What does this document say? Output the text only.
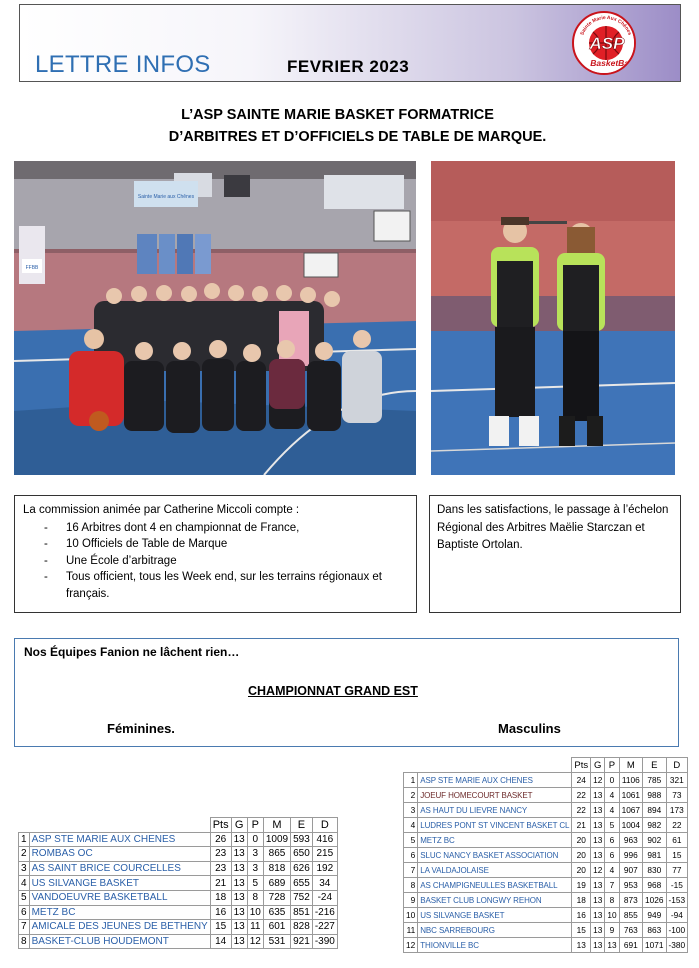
LETTRE INFOS	FEVRIER 2023
ASP
BasketBall
Sainte Marie Aux Chênes
L’ASP SAINTE MARIE BASKET FORMATRICE
D’ARBITRES ET D’OFFICIELS DE TABLE DE MARQUE.
Sainte Marie aux Chênes
FFBB
La commission animée par Catherine Miccoli compte :
- 16 Arbitres dont 4 en championnat de France,
- 10 Officiels de Table de Marque
- Une École d’arbitrage
- Tous officient, tous les Week end, sur les terrains régionaux et français.
Dans les satisfactions, le passage à l’échelon Régional des Arbitres Maëlie Starczan et Baptiste Ortolan.
Nos Équipes Fanion ne lâchent rien…
CHAMPIONNAT GRAND EST
Féminines.	Masculins
		Pts	G	P	M	E	D
1	ASP STE MARIE AUX CHENES	26	13	0	1009	593	416
2	ROMBAS OC	23	13	3	865	650	215
3	AS SAINT BRICE COURCELLES	23	13	3	818	626	192
4	US SILVANGE BASKET	21	13	5	689	655	34
5	VANDOEUVRE BASKETBALL	18	13	8	728	752	-24
6	METZ BC	16	13	10	635	851	-216
7	AMICALE DES JEUNES DE BETHENY	15	13	11	601	828	-227
8	BASKET-CLUB HOUDEMONT	14	13	12	531	921	-390
		Pts	G	P	M	E	D
1	ASP STE MARIE AUX CHENES	24	12	0	1106	785	321
2	JOEUF HOMECOURT BASKET	22	13	4	1061	988	73
3	AS HAUT DU LIEVRE NANCY	22	13	4	1067	894	173
4	LUDRES PONT ST VINCENT BASKET CL	21	13	5	1004	982	22
5	METZ BC	20	13	6	963	902	61
6	SLUC NANCY BASKET ASSOCIATION	20	13	6	996	981	15
7	LA VALDAJOLAISE	20	12	4	907	830	77
8	AS CHAMPIGNEULLES BASKETBALL	19	13	7	953	968	-15
9	BASKET CLUB LONGWY REHON	18	13	8	873	1026	-153
10	US SILVANGE BASKET	16	13	10	855	949	-94
11	NBC SARREBOURG	15	13	9	763	863	-100
12	THIONVILLE BC	13	13	13	691	1071	-380
